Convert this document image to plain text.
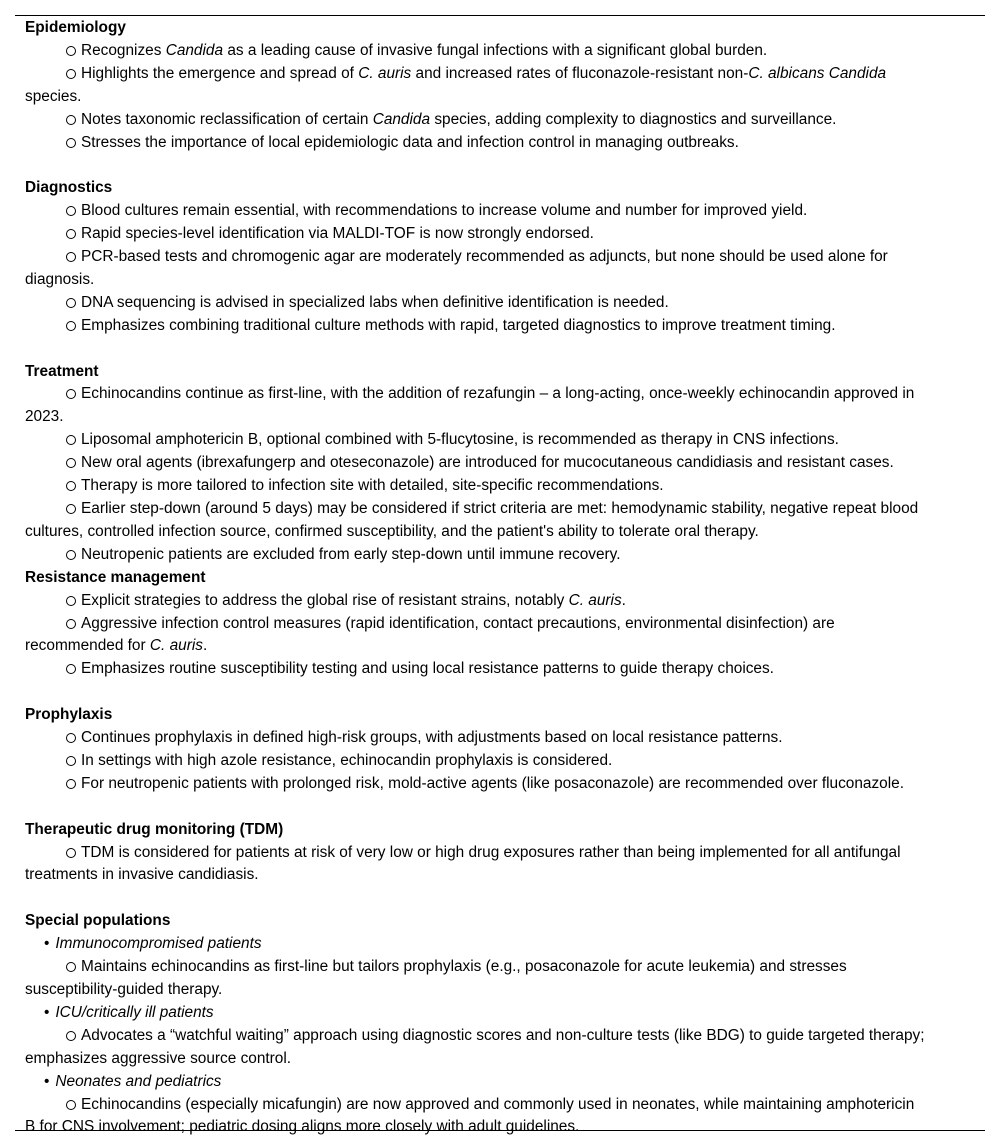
Epidemiology
Recognizes Candida as a leading cause of invasive fungal infections with a significant global burden.
Highlights the emergence and spread of C. auris and increased rates of fluconazole-resistant non-C. albicans Candida
species.
Notes taxonomic reclassification of certain Candida species, adding complexity to diagnostics and surveillance.
Stresses the importance of local epidemiologic data and infection control in managing outbreaks.
Diagnostics
Blood cultures remain essential, with recommendations to increase volume and number for improved yield.
Rapid species-level identification via MALDI-TOF is now strongly endorsed.
PCR-based tests and chromogenic agar are moderately recommended as adjuncts, but none should be used alone for
diagnosis.
DNA sequencing is advised in specialized labs when definitive identification is needed.
Emphasizes combining traditional culture methods with rapid, targeted diagnostics to improve treatment timing.
Treatment
Echinocandins continue as first-line, with the addition of rezafungin – a long-acting, once-weekly echinocandin approved in
2023.
Liposomal amphotericin B, optional combined with 5-flucytosine, is recommended as therapy in CNS infections.
New oral agents (ibrexafungerp and oteseconazole) are introduced for mucocutaneous candidiasis and resistant cases.
Therapy is more tailored to infection site with detailed, site-specific recommendations.
Earlier step-down (around 5 days) may be considered if strict criteria are met: hemodynamic stability, negative repeat blood
cultures, controlled infection source, confirmed susceptibility, and the patient's ability to tolerate oral therapy.
Neutropenic patients are excluded from early step-down until immune recovery.
Resistance management
Explicit strategies to address the global rise of resistant strains, notably C. auris.
Aggressive infection control measures (rapid identification, contact precautions, environmental disinfection) are
recommended for C. auris.
Emphasizes routine susceptibility testing and using local resistance patterns to guide therapy choices.
Prophylaxis
Continues prophylaxis in defined high-risk groups, with adjustments based on local resistance patterns.
In settings with high azole resistance, echinocandin prophylaxis is considered.
For neutropenic patients with prolonged risk, mold-active agents (like posaconazole) are recommended over fluconazole.
Therapeutic drug monitoring (TDM)
TDM is considered for patients at risk of very low or high drug exposures rather than being implemented for all antifungal
treatments in invasive candidiasis.
Special populations
• Immunocompromised patients
Maintains echinocandins as first-line but tailors prophylaxis (e.g., posaconazole for acute leukemia) and stresses
susceptibility-guided therapy.
• ICU/critically ill patients
Advocates a “watchful waiting” approach using diagnostic scores and non-culture tests (like BDG) to guide targeted therapy;
emphasizes aggressive source control.
• Neonates and pediatrics
Echinocandins (especially micafungin) are now approved and commonly used in neonates, while maintaining amphotericin
B for CNS involvement; pediatric dosing aligns more closely with adult guidelines.
